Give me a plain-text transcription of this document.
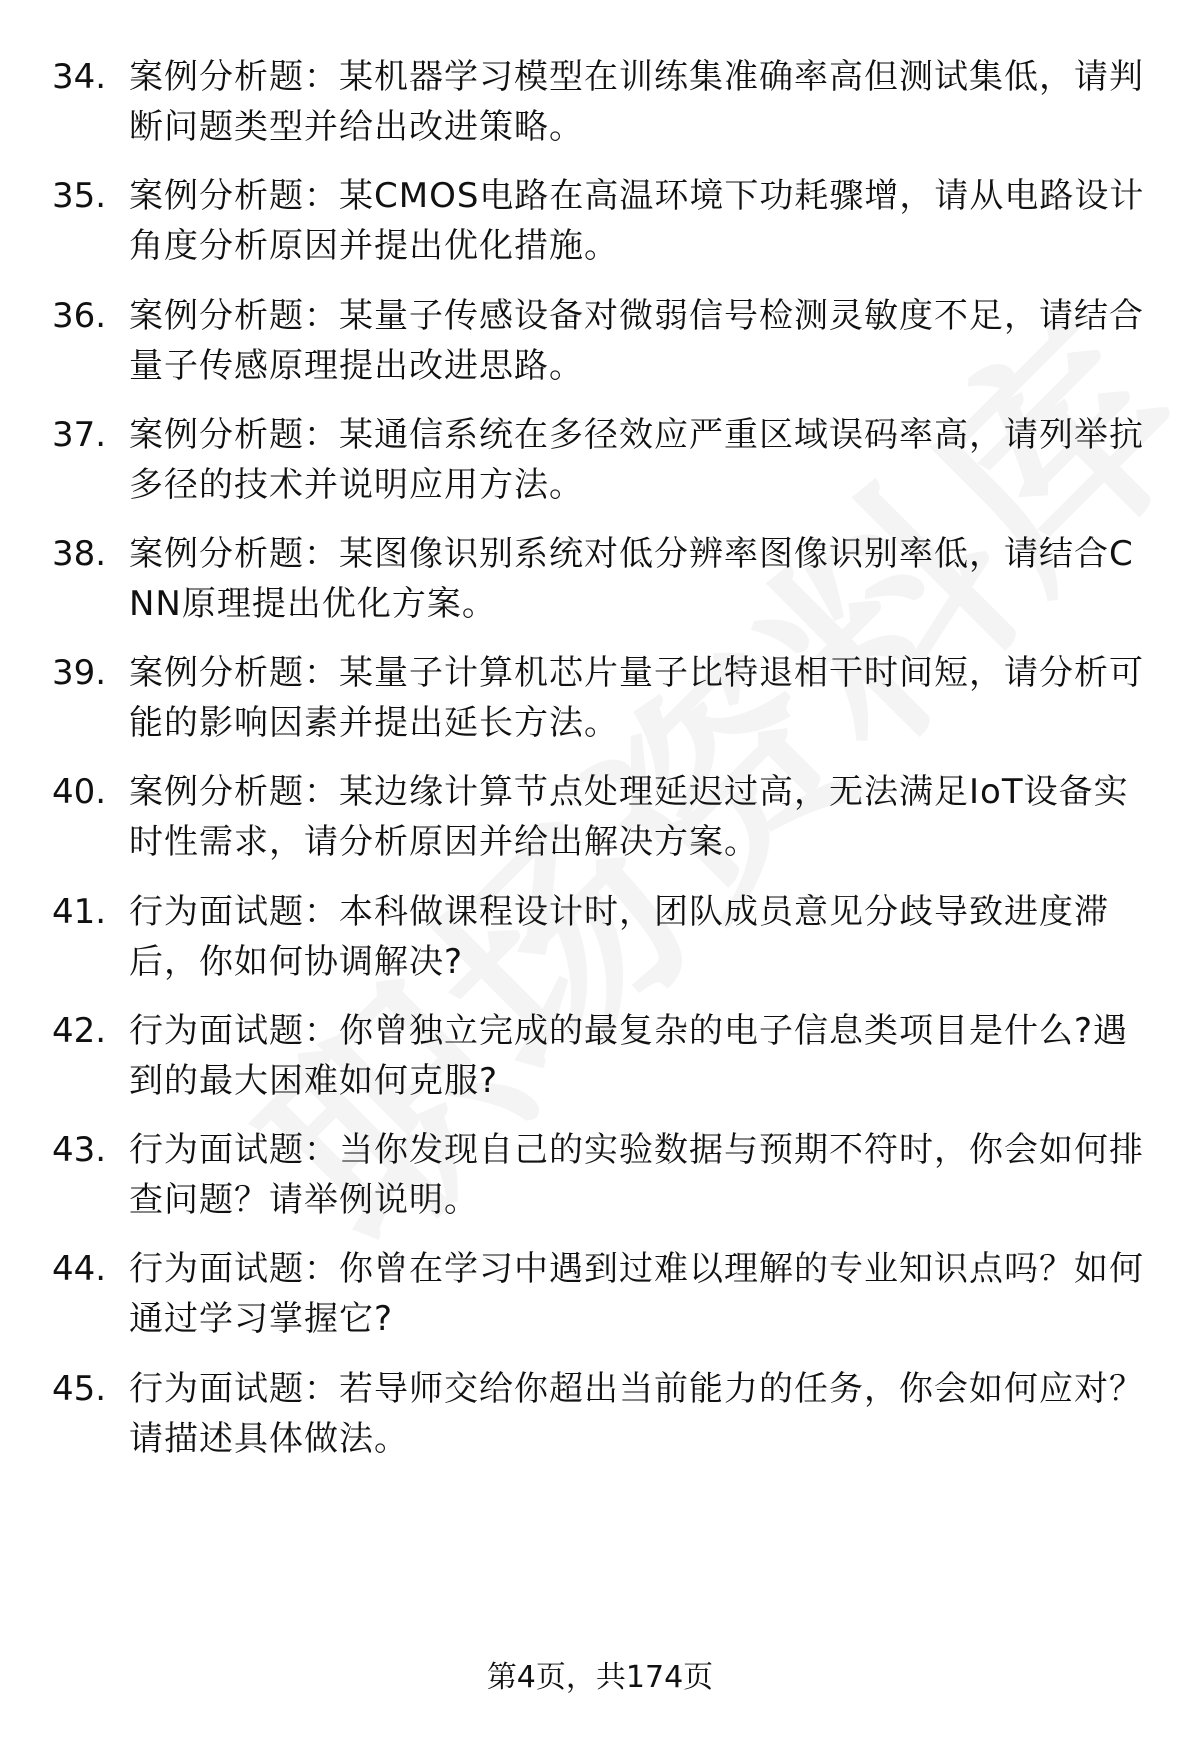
34. 案例分析题：某机器学习模型在训练集准确率高但测试集低，请判断问题类型并给出改进策略。
35. 案例分析题：某CMOS电路在高温环境下功耗骤增，请从电路设计角度分析原因并提出优化措施。
36. 案例分析题：某量子传感设备对微弱信号检测灵敏度不足，请结合量子传感原理提出改进思路。
37. 案例分析题：某通信系统在多径效应严重区域误码率高，请列举抗多径的技术并说明应用方法。
38. 案例分析题：某图像识别系统对低分辨率图像识别率低，请结合CNN原理提出优化方案。
39. 案例分析题：某量子计算机芯片量子比特退相干时间短，请分析可能的影响因素并提出延长方法。
40. 案例分析题：某边缘计算节点处理延迟过高，无法满足IoT设备实时性需求，请分析原因并给出解决方案。
41. 行为面试题：本科做课程设计时，团队成员意见分歧导致进度滞后，你如何协调解决?
42. 行为面试题：你曾独立完成的最复杂的电子信息类项目是什么?遇到的最大困难如何克服?
43. 行为面试题：当你发现自己的实验数据与预期不符时，你会如何排查问题？请举例说明。
44. 行为面试题：你曾在学习中遇到过难以理解的专业知识点吗？如何通过学习掌握它?
45. 行为面试题：若导师交给你超出当前能力的任务，你会如何应对？请描述具体做法。
第4页，共174页
